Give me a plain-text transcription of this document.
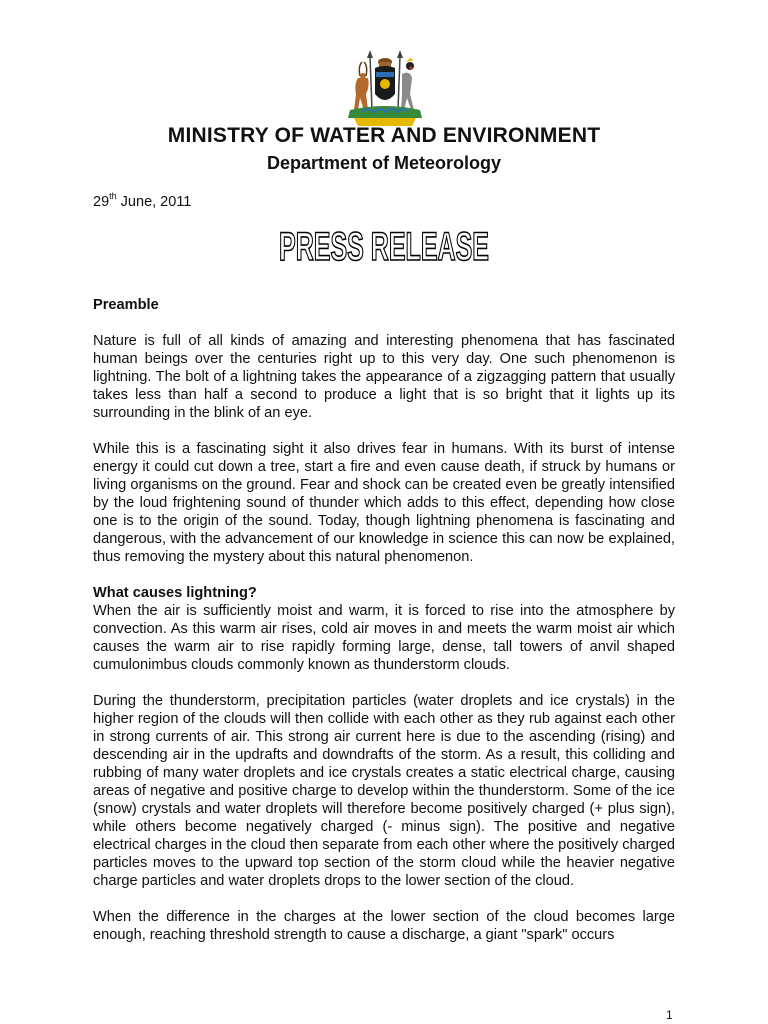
MINISTRY OF WATER AND ENVIRONMENT
Department of Meteorology
29th June, 2011
PRESS RELEASE

Preamble

Nature is full of all kinds of amazing and interesting phenomena that has fascinated human beings over the centuries right up to this very day. One such phenomenon is lightning. The bolt of a lightning takes the appearance of a zigzagging pattern that usually takes less than half a second to produce a light that is so bright that it lights up its surrounding in the blink of an eye.

While this is a fascinating sight it also drives fear in humans. With its burst of intense energy it could cut down a tree, start a fire and even cause death, if struck by humans or living organisms on the ground. Fear and shock can be created even be greatly intensified by the loud frightening sound of thunder which adds to this effect, depending how close one is to the origin of the sound. Today, though lightning phenomena is fascinating and dangerous, with the advancement of our knowledge in science this can now be explained, thus removing the mystery about this natural phenomenon.

What causes lightning?

When the air is sufficiently moist and warm, it is forced to rise into the atmosphere by convection. As this warm air rises, cold air moves in and meets the warm moist air which causes the warm air to rise rapidly forming large, dense, tall towers of anvil shaped cumulonimbus clouds commonly known as thunderstorm clouds.

During the thunderstorm, precipitation particles (water droplets and ice crystals) in the higher region of the clouds will then collide with each other as they rub against each other in strong currents of air. This strong air current here is due to the ascending (rising) and descending air in the updrafts and downdrafts of the storm. As a result, this colliding and rubbing of many water droplets and ice crystals creates a static electrical charge, causing areas of negative and positive charge to develop within the thunderstorm. Some of the ice (snow) crystals and water droplets will therefore become positively charged (+ plus sign), while others become negatively charged (- minus sign). The positive and negative electrical charges in the cloud then separate from each other where the positively charged particles moves to the upward top section of the storm cloud while the heavier negative charge particles and water droplets drops to the lower section of the cloud.

When the difference in the charges at the lower section of the cloud becomes large enough, reaching threshold strength to cause a discharge, a giant "spark" occurs

1
